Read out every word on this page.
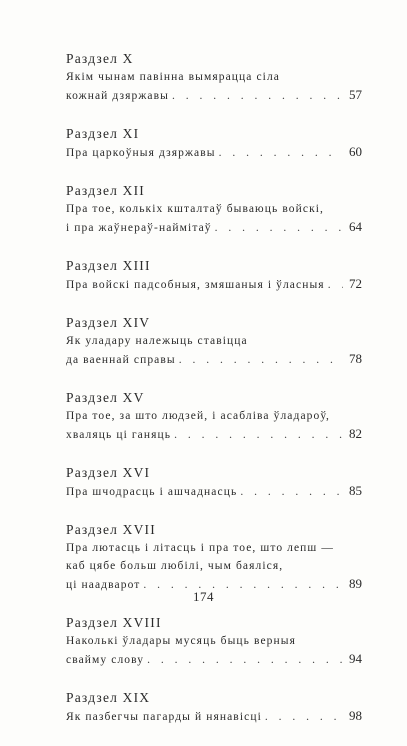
Раздзел X
Якім чынам павінна вымярацца сіла
кожнай дзяржавы . . .	57
Раздзел XI
Пра царкоўныя дзяржавы . . .	60
Раздзел XII
Пра тое, колькіх кшталтаў бываюць войскі,
і пра жаўнераў-наймітаў . . .	64
Раздзел XIII
Пра войскі падсобныя, змяшаныя і ўласныя . . .	72
Раздзел XIV
Як уладару належыць ставіцца
да ваеннай справы . . .	78
Раздзел XV
Пра тое, за што людзей, і асабліва ўладароў,
хваляць ці ганяць . . .	82
Раздзел XVI
Пра шчодрасць і ашчаднасць . . .	85
Раздзел XVII
Пра лютасць і літасць і пра тое, што лепш —
каб цябе больш любілі, чым баяліся,
ці наадварот . . .	89
Раздзел XVIII
Наколькі ўладары мусяць быць верныя
свайму слову . . .	94
Раздзел XIX
Як пазбегчы пагарды й нянавісці . . .	98
174
